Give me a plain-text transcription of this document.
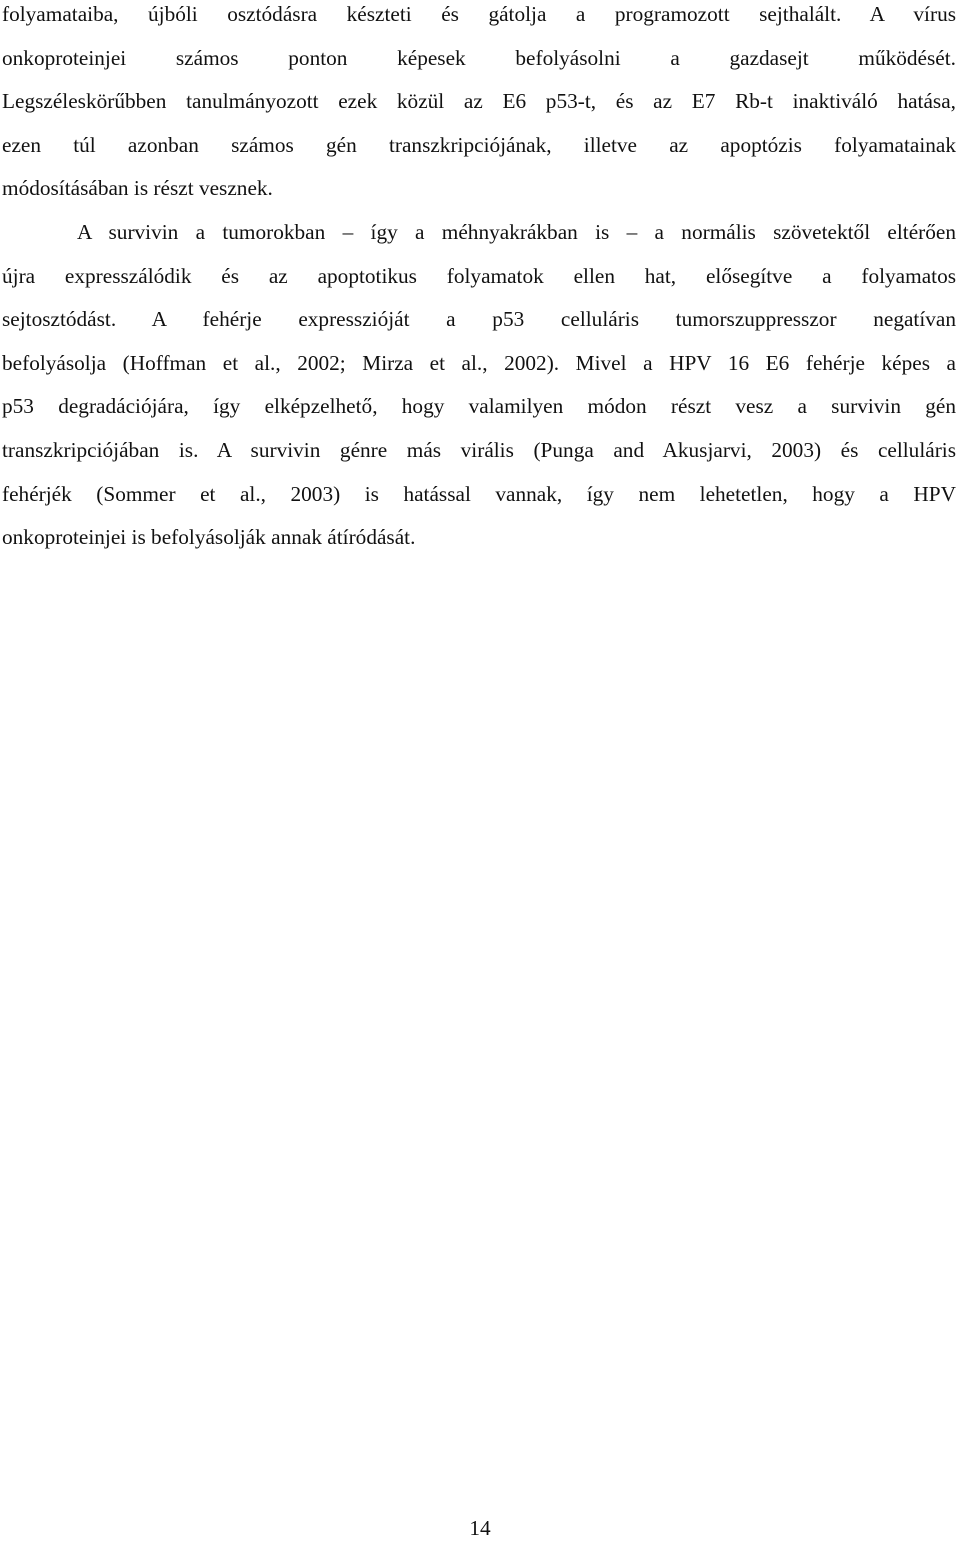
folyamataiba, újbóli osztódásra készteti és gátolja a programozott sejthalált. A vírus
onkoproteinjei számos ponton képesek befolyásolni a gazdasejt működését.
Legszéleskörűbben tanulmányozott ezek közül az E6 p53-t, és az E7 Rb-t inaktiváló hatása,
ezen túl azonban számos gén transzkripciójának, illetve az apoptózis folyamatainak
módosításában is részt vesznek.
A survivin a tumorokban – így a méhnyakrákban is – a normális szövetektől eltérően
újra expresszálódik és az apoptotikus folyamatok ellen hat, elősegítve a folyamatos
sejtosztódást. A fehérje expresszióját a p53 celluláris tumorszuppresszor negatívan
befolyásolja (Hoffman et al., 2002; Mirza et al., 2002). Mivel a HPV 16 E6 fehérje képes a
p53 degradációjára, így elképzelhető, hogy valamilyen módon részt vesz a survivin gén
transzkripciójában is. A survivin génre más virális (Punga and Akusjarvi, 2003) és celluláris
fehérjék (Sommer et al., 2003) is hatással vannak, így nem lehetetlen, hogy a HPV
onkoproteinjei is befolyásolják annak átíródását.
14
